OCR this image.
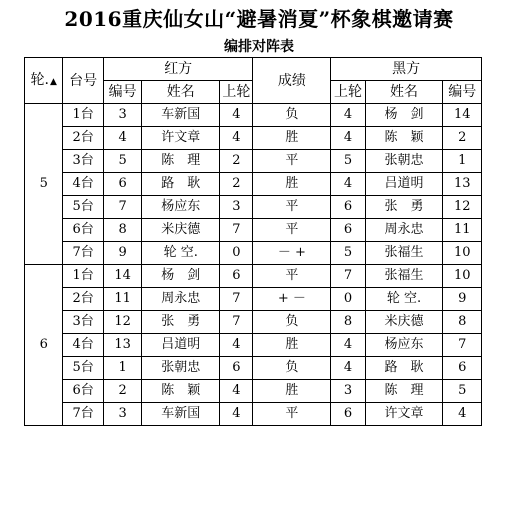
2016重庆仙女山“避暑消夏”杯象棋邀请赛
编排对阵表
轮.▲	台号	红方			成绩	黑方		
		编号	姓名	上轮		上轮	姓名	编号
5	1台	3	车新国	4	负	4	杨　剑	14
	2台	4	许文章	4	胜	4	陈　颖	2
	3台	5	陈　理	2	平	5	张朝忠	1
	4台	6	路　耿	2	胜	4	吕道明	13
	5台	7	杨应东	3	平	6	张　勇	12
	6台	8	米庆德	7	平	6	周永忠	11
	7台	9	轮 空.	0	－ +	5	张福生	10
6	1台	14	杨　剑	6	平	7	张福生	10
	2台	11	周永忠	7	+ －	0	轮 空.	9
	3台	12	张　勇	7	负	8	米庆德	8
	4台	13	吕道明	4	胜	4	杨应东	7
	5台	1	张朝忠	6	负	4	路　耿	6
	6台	2	陈　颖	4	胜	3	陈　理	5
	7台	3	车新国	4	平	6	许文章	4
